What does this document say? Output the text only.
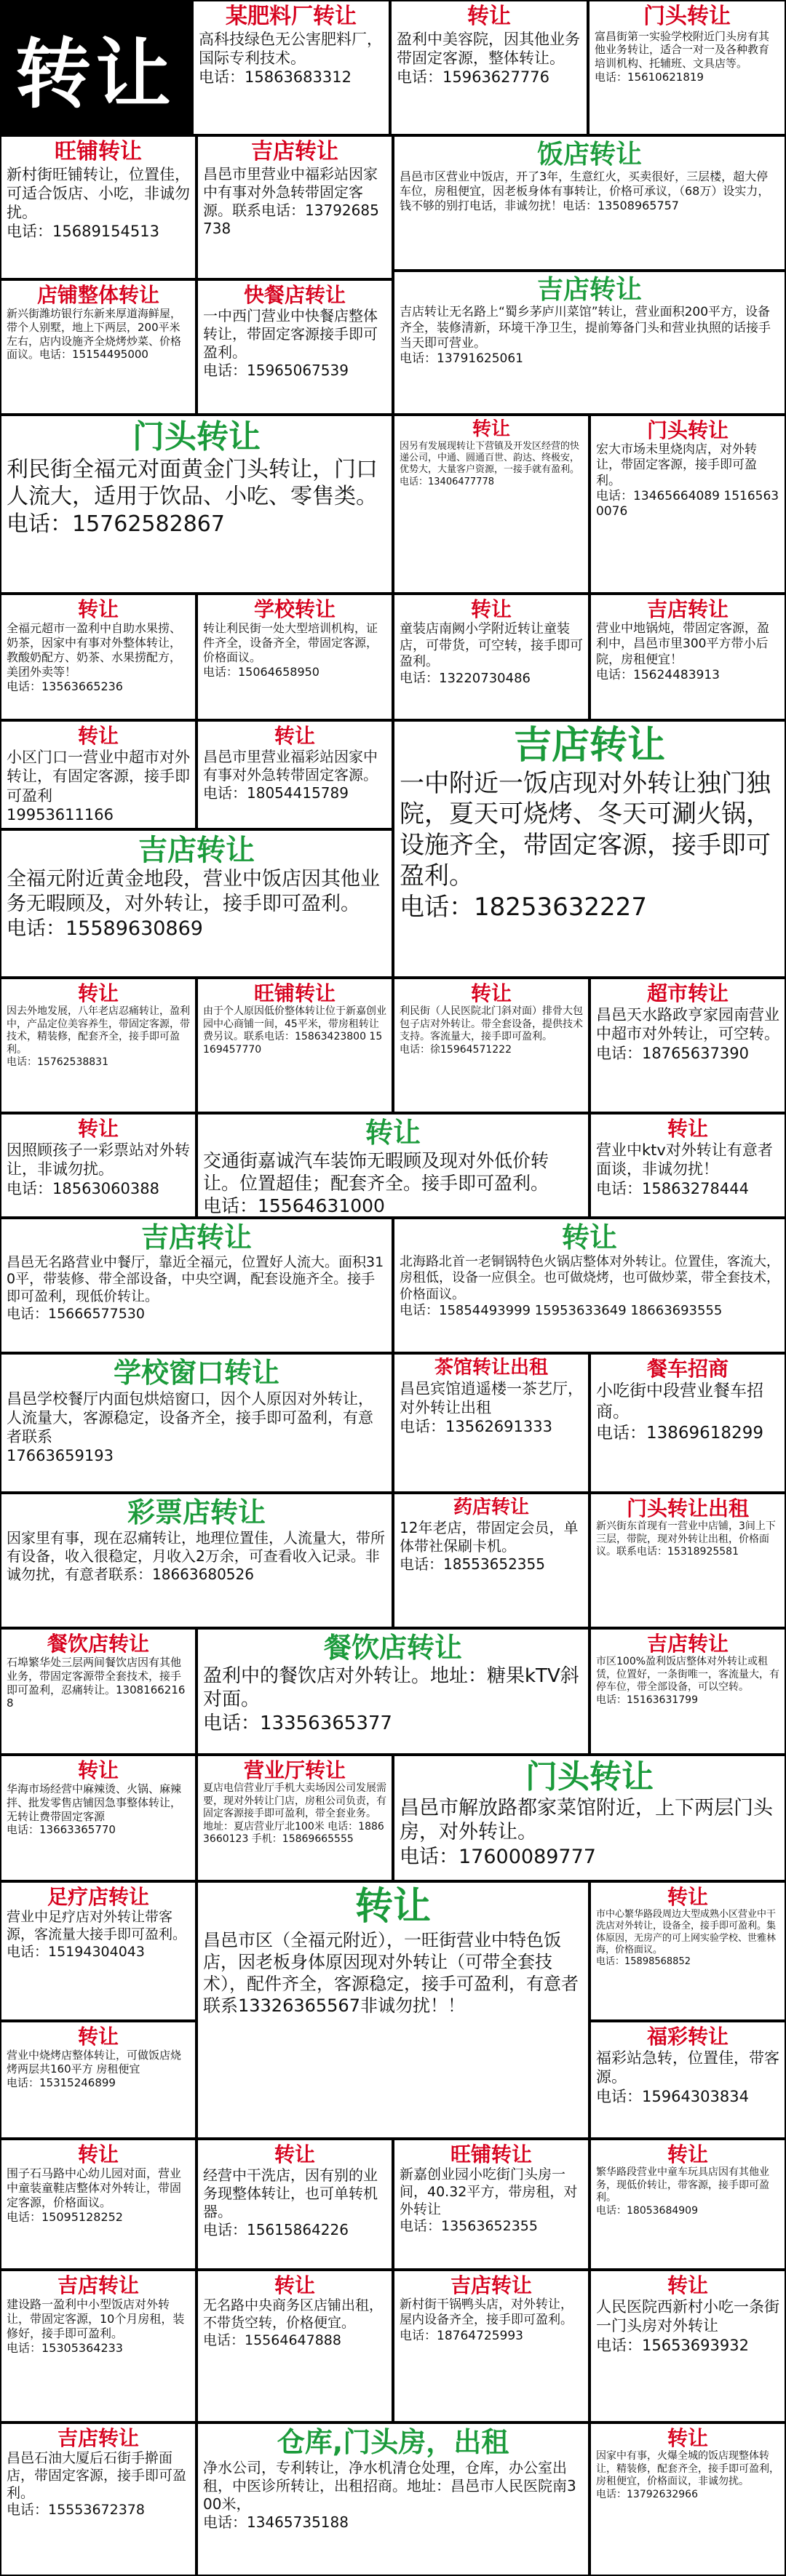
转让
某肥料厂转让
高科技绿色无公害肥料厂，国际专利技术。
电话：15863683312
转让
盈利中美容院，因其他业务带固定客源，整体转让。
电话：15963627776
门头转让
富昌街第一实验学校附近门头房有其他业务转让，适合一对一及各种教育培训机构、托辅班、文具店等。
电话：15610621819
旺铺转让
新村街旺铺转让，位置佳，可适合饭店、小吃，非诚勿扰。
电话：15689154513
吉店转让
昌邑市里营业中福彩站因家中有事对外急转带固定客源。联系电话：13792685738
饭店转让
昌邑市区营业中饭店，开了3年，生意红火，买卖很好，三层楼，超大停车位，房租便宜，因老板身体有事转让，价格可承议，（68万）设实力，钱不够的别打电话，非诚勿扰！电话：13508965757
店铺整体转让
新兴街潍坊银行东新来厚道海鲜屋，带个人别墅，地上下两层，200平米左右，店内设施齐全烧烤炒菜、价格面议。电话：15154495000
快餐店转让
一中西门营业中快餐店整体转让，带固定客源接手即可盈利。
电话：15965067539
吉店转让
吉店转让无名路上“蜀乡茅庐川菜馆”转让，营业面积200平方，设备齐全，装修清新，环境干净卫生，提前筹备门头和营业执照的话接手当天即可营业。
电话：13791625061
门头转让
利民街全福元对面黄金门头转让，门口人流大，适用于饮品、小吃、零售类。
电话：15762582867
转让
因另有发展现转让下营镇及开发区经营的快递公司，中通、圆通百世、韵达、终极安，优势大，大量客户资源，一接手就有盈利。
电话：13406477778
门头转让
宏大市场未里烧肉店，对外转让，带固定客源，接手即可盈利。
电话：13465664089 15165630076
转让
全福元超市一盈利中自助水果捞、奶茶，因家中有事对外整体转让，教酸奶配方、奶茶、水果捞配方，美团外卖等！
电话：13563665236
学校转让
转让利民街一处大型培训机构，证件齐全，设备齐全，带固定客源，价格面议。
电话：15064658950
转让
童装店南阙小学附近转让童装店，可带货，可空转，接手即可盈利。
电话：13220730486
吉店转让
营业中地锅炖，带固定客源，盈利中，昌邑市里300平方带小后院，房租便宜！
电话：15624483913
转让
小区门口一营业中超市对外转让，有固定客源，接手即可盈利
19953611166
转让
昌邑市里营业福彩站因家中有事对外急转带固定客源。
电话：18054415789
吉店转让
一中附近一饭店现对外转让独门独院，夏天可烧烤、冬天可涮火锅，设施齐全，带固定客源，接手即可盈利。
电话：18253632227
吉店转让
全福元附近黄金地段，营业中饭店因其他业务无暇顾及，对外转让，接手即可盈利。
电话：15589630869
转让
因去外地发展，八年老店忍痛转让，盈利中，产品定位美容养生，带固定客源，带技术，精装修，配套齐全，接手即可盈利。
电话：15762538831
旺铺转让
由于个人原因低价整体转让位于新嘉创业园中心商铺一间，45平米，带房租转让费另议。联系电话：15863423800 15169457770
转让
利民街（人民医院北门斜对面）排骨大包包子店对外转让。带全套设备，提供技术支持。客流量大，接手即可盈利。
电话：徐15964571222
超市转让
昌邑天水路政亨家园南营业中超市对外转让，可空转。
电话：18765637390
转让
因照顾孩子一彩票站对外转让，非诚勿扰。
电话：18563060388
转让
交通街嘉诚汽车装饰无暇顾及现对外低价转让。位置超佳；配套齐全。接手即可盈利。
电话：15564631000
转让
营业中ktv对外转让有意者面谈，非诚勿扰！
电话：15863278444
吉店转让
昌邑无名路营业中餐厅，靠近全福元，位置好人流大。面积310平，带装修、带全部设备，中央空调，配套设施齐全。接手即可盈利，现低价转让。
电话：15666577530
转让
北海路北首一老铜锅特色火锅店整体对外转让。位置佳，客流大，房租低，设备一应俱全。也可做烧烤，也可做炒菜，带全套技术，价格面议。
电话：15854493999 15953633649 18663693555
学校窗口转让
昌邑学校餐厅内面包烘焙窗口，因个人原因对外转让，人流量大，客源稳定，设备齐全，接手即可盈利，有意者联系
17663659193
茶馆转让出租
昌邑宾馆逍遥楼一茶艺厅，对外转让出租
电话：13562691333
餐车招商
小吃街中段营业餐车招商。
电话：13869618299
彩票店转让
因家里有事，现在忍痛转让，地理位置佳，人流量大，带所有设备，收入很稳定，月收入2万余，可查看收入记录。非诚勿扰，有意者联系：18663680526
药店转让
12年老店，带固定会员，单体带社保刷卡机。
电话：18553652355
门头转让出租
新兴街东首现有一营业中店铺，3间上下三层，带院，现对外转让出租，价格面议。联系电话：15318925581
餐饮店转让
石埠繁华处三层两间餐饮店因有其他业务，带固定客源带全套技术，接手即可盈利，忍痛转让。13081662168
餐饮店转让
盈利中的餐饮店对外转让。地址：糖果kTV斜对面。
电话：13356365377
吉店转让
市区100%盈利饭店整体对外转让或租赁，位置好，一条街唯一，客流量大，有停车位，带全部设备，可以空转。
电话：15163631799
转让
华海市场经营中麻辣烫、火锅、麻辣拌、批发零售店铺因急事整体转让，无转让费带固定客源
电话：13663365770
营业厅转让
夏店电信营业厅手机大卖场因公司发展需要，现对外转让门店，房租公司负责，有固定客源接手即可盈利，带全套业务。
地址：夏店营业厅北100米 电话：18863660123 手机：15869665555
门头转让
昌邑市解放路都家菜馆附近，上下两层门头房，对外转让。
电话：17600089777
足疗店转让
营业中足疗店对外转让带客源，客流量大接手即可盈利。
电话：15194304043
转让
昌邑市区（全福元附近），一旺街营业中特色饭店，因老板身体原因现对外转让（可带全套技术），配件齐全，客源稳定，接手可盈利，有意者联系13326365567非诚勿扰！！
转让
市中心繁华路段周边大型成熟小区营业中干洗店对外转让，设备全，接手即可盈利。集体原因，无房产的可上网实验学校、世雅林海，价格面议。
电话：15898568852
转让
营业中烧烤店整体转让，可做饭店烧烤两层共160平方 房租便宜
电话：15315246899
福彩转让
福彩站急转，位置佳，带客源。
电话：15964303834
转让
围子石马路中心幼儿园对面，营业中童装童鞋店整体对外转让，带固定客源，价格面议。
电话：15095128252
转让
经营中干洗店，因有别的业务现整体转让，也可单转机器。
电话：15615864226
旺铺转让
新嘉创业园小吃街门头房一间，40.32平方，带房租，对外转让
电话：13563652355
转让
繁华路段营业中童车玩具店因有其他业务，现低价转让，带客源，接手即可盈利。
电话：18053684909
吉店转让
建设路一盈利中小型饭店对外转让，带固定客源，10个月房租，装修好，接手即可盈利。
电话：15305364233
转让
无名路中央商务区店铺出租，不带货空转，价格便宜。
电话：15564647888
吉店转让
新村街干锅鸭头店，对外转让，屋内设备齐全，接手即可盈利。
电话：18764725993
转让
人民医院西新村小吃一条街一门头房对外转让
电话：15653693932
吉店转让
昌邑石油大厦后石街手擀面店，带固定客源，接手即可盈利。
电话：15553672378
仓库,门头房，出租
净水公司，专利转让，净水机清仓处理，仓库，办公室出租，中医诊所转让，出租招商。地址：昌邑市人民医院南300米，
电话：13465735188
转让
因家中有事，火爆全城的饭店现整体转让，精装修，配套齐全，接手即可盈利，房租便宜，价格面议，非诚勿扰。
电话：13792632966
